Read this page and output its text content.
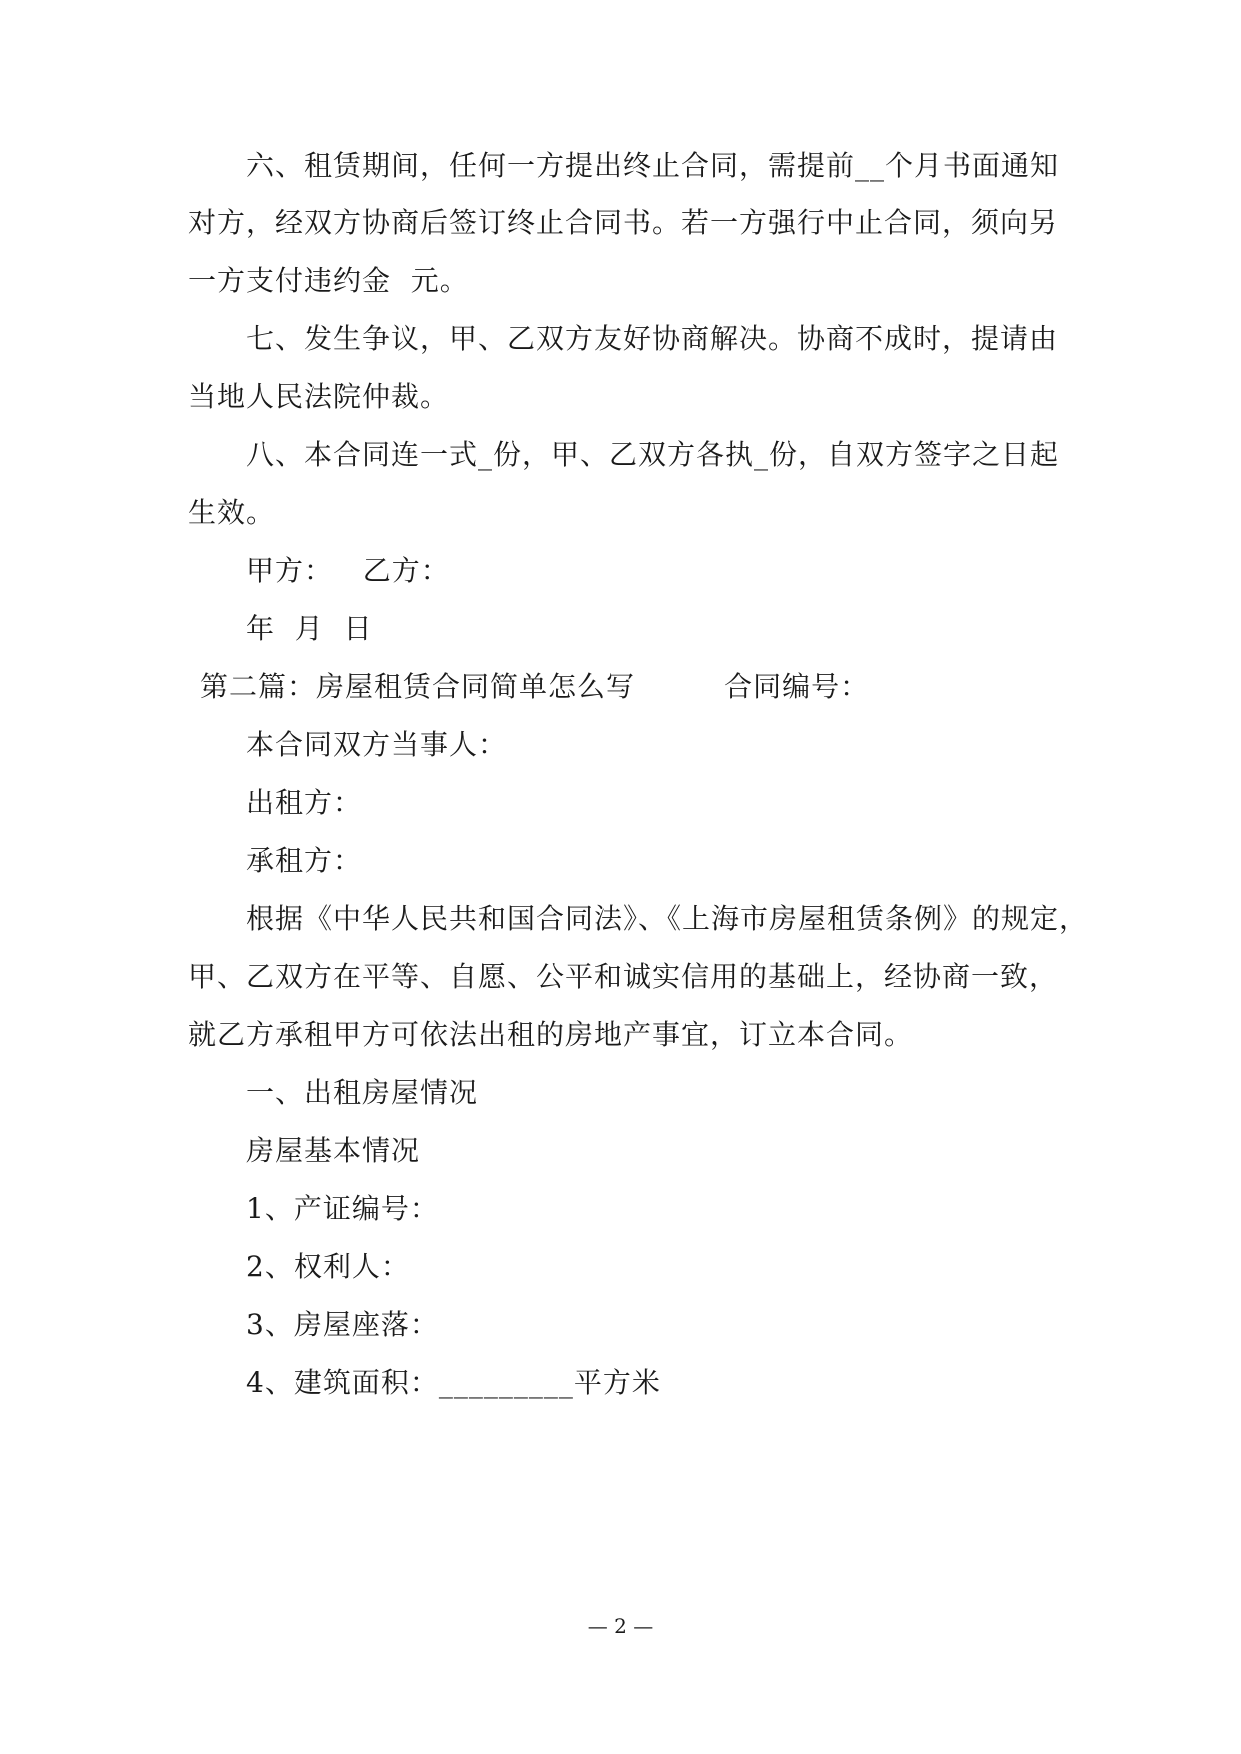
六、租赁期间，任何一方提出终止合同，需提前__个月书面通知
对方，经双方协商后签订终止合同书。若一方强行中止合同，须向另
一方支付违约金  元。
七、发生争议，甲、乙双方友好协商解决。协商不成时，提请由
当地人民法院仲裁。
八、本合同连一式_份，甲、乙双方各执_份，自双方签字之日起
生效。
甲方：   乙方：
年  月  日
第二篇：房屋租赁合同简单怎么写         合同编号：
本合同双方当事人：
出租方：
承租方：
根据《中华人民共和国合同法》、《上海市房屋租赁条例》的规定，
甲、乙双方在平等、自愿、公平和诚实信用的基础上，经协商一致，
就乙方承租甲方可依法出租的房地产事宜，订立本合同。
一、出租房屋情况
房屋基本情况
1、产证编号：
2、权利人：
3、房屋座落：
4、建筑面积：_________平方米
— 2 —
